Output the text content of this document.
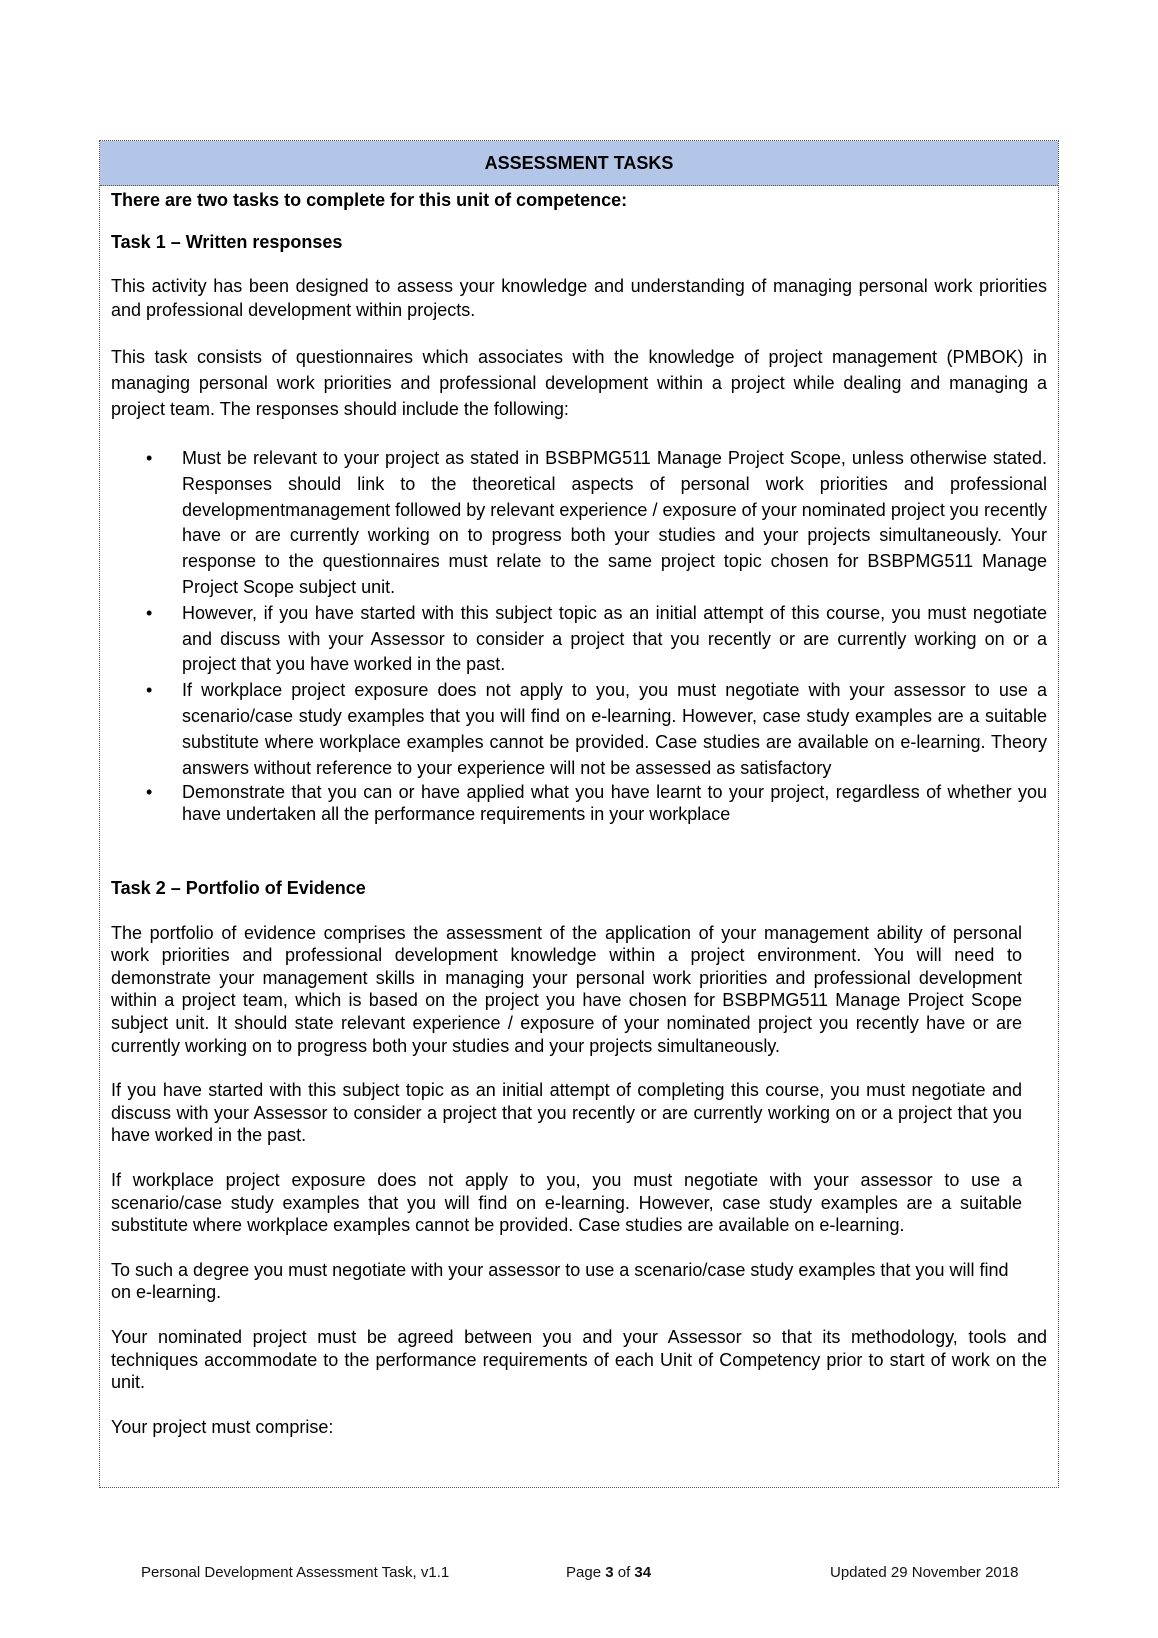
ASSESSMENT TASKS

There are two tasks to complete for this unit of competence:

Task 1 – Written responses

This activity has been designed to assess your knowledge and understanding of managing personal work priorities and professional development within projects.

This task consists of questionnaires which associates with the knowledge of project management (PMBOK) in managing personal work priorities and professional development within a project while dealing and managing a project team. The responses should include the following:

• Must be relevant to your project as stated in BSBPMG511 Manage Project Scope, unless otherwise stated. Responses should link to the theoretical aspects of personal work priorities and professional developmentmanagement followed by relevant experience / exposure of your nominated project you recently have or are currently working on to progress both your studies and your projects simultaneously. Your response to the questionnaires must relate to the same project topic chosen for BSBPMG511 Manage Project Scope subject unit.
• However, if you have started with this subject topic as an initial attempt of this course, you must negotiate and discuss with your Assessor to consider a project that you recently or are currently working on or a project that you have worked in the past.
• If workplace project exposure does not apply to you, you must negotiate with your assessor to use a scenario/case study examples that you will find on e-learning. However, case study examples are a suitable substitute where workplace examples cannot be provided. Case studies are available on e-learning. Theory answers without reference to your experience will not be assessed as satisfactory
• Demonstrate that you can or have applied what you have learnt to your project, regardless of whether you have undertaken all the performance requirements in your workplace

Task 2 – Portfolio of Evidence

The portfolio of evidence comprises the assessment of the application of your management ability of personal work priorities and professional development knowledge within a project environment. You will need to demonstrate your management skills in managing your personal work priorities and professional development within a project team, which is based on the project you have chosen for BSBPMG511 Manage Project Scope subject unit. It should state relevant experience / exposure of your nominated project you recently have or are currently working on to progress both your studies and your projects simultaneously.

If you have started with this subject topic as an initial attempt of completing this course, you must negotiate and discuss with your Assessor to consider a project that you recently or are currently working on or a project that you have worked in the past.

If workplace project exposure does not apply to you, you must negotiate with your assessor to use a scenario/case study examples that you will find on e-learning. However, case study examples are a suitable substitute where workplace examples cannot be provided. Case studies are available on e-learning.

To such a degree you must negotiate with your assessor to use a scenario/case study examples that you will find on e-learning.

Your nominated project must be agreed between you and your Assessor so that its methodology, tools and techniques accommodate to the performance requirements of each Unit of Competency prior to start of work on the unit.

Your project must comprise:

Personal Development Assessment Task, v1.1	Page 3 of 34	Updated 29 November 2018
